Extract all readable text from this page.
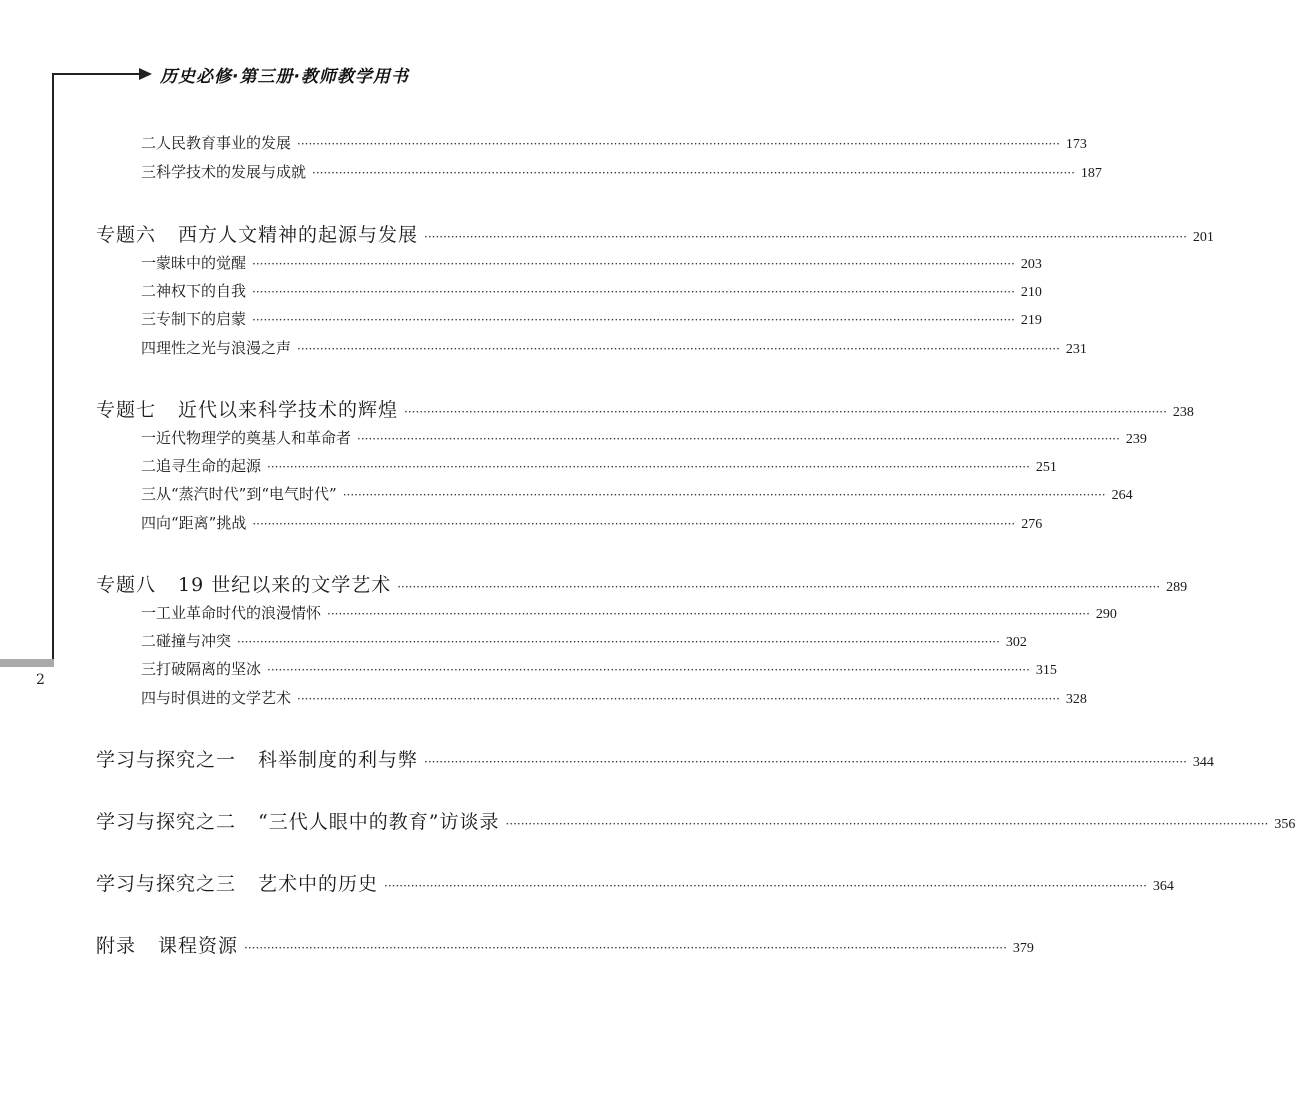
历史必修·第三册·教师教学用书
2
二 人民教育事业的发展 ········································································································································································································ 173
三 科学技术的发展与成就 ········································································································································································································ 187
专题六 西方人文精神的起源与发展 ········································································································································································································ 201
一 蒙昧中的觉醒 ········································································································································································································ 203
二 神权下的自我 ········································································································································································································ 210
三 专制下的启蒙 ········································································································································································································ 219
四 理性之光与浪漫之声 ········································································································································································································ 231
专题七 近代以来科学技术的辉煌 ········································································································································································································ 238
一 近代物理学的奠基人和革命者 ········································································································································································································ 239
二 追寻生命的起源 ········································································································································································································ 251
三 从“蒸汽时代”到“电气时代” ········································································································································································································ 264
四 向“距离”挑战 ········································································································································································································ 276
专题八 19 世纪以来的文学艺术 ········································································································································································································ 289
一 工业革命时代的浪漫情怀 ········································································································································································································ 290
二 碰撞与冲突 ········································································································································································································ 302
三 打破隔离的坚冰 ········································································································································································································ 315
四 与时俱进的文学艺术 ········································································································································································································ 328
学习与探究之一 科举制度的利与弊 ········································································································································································································ 344
学习与探究之二 “三代人眼中的教育”访谈录 ········································································································································································································ 356
学习与探究之三 艺术中的历史 ········································································································································································································ 364
附录 课程资源 ········································································································································································································ 379
